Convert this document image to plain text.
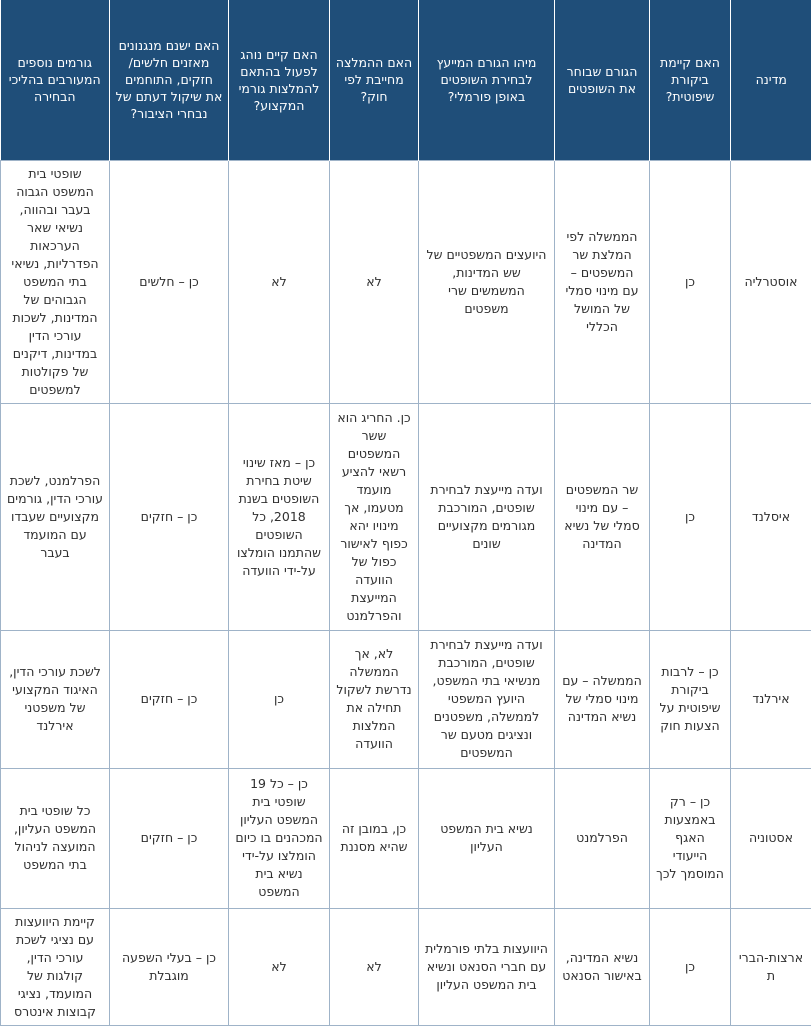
מדינה	האם קיימת ביקורת שיפוטית?	הגורם שבוחר את השופטים	מיהו הגורם המייעץ לבחירת השופטים באופן פורמלי?	האם ההמלצה מחייבת לפי חוק?	האם קיים נוהג לפעול בהתאם להמלצות גורמי המקצוע?	האם ישנם מנגנונים מאזנים חלשים/ חזקים, התוחמים את שיקול דעתם של נבחרי הציבור?	גורמים נוספים המעורבים בהליכי הבחירה
אוסטרליה	כן	הממשלה לפי המלצת שר המשפטים – עם מינוי סמלי של המושל הכללי	היועצים המשפטיים של שש המדינות, המשמשים שרי משפטים	לא	לא	כן – חלשים	שופטי בית המשפט הגבוה בעבר ובהווה, נשיאי שאר הערכאות הפדרליות, נשיאי בתי המשפט הגבוהים של המדינות, לשכות עורכי הדין במדינות, דיקנים של פקולטות למשפטים
איסלנד	כן	שר המשפטים – עם מינוי סמלי של נשיא המדינה	ועדה מייעצת לבחירת שופטים, המורכבת מגורמים מקצועיים שונים	כן. החריג הוא ששר המשפטים רשאי להציע מועמד מטעמו, אך מינויו יהא כפוף לאישור כפול של הוועדה המייעצת והפרלמנט	כן – מאז שינוי שיטת בחירת השופטים בשנת 2018, כל השופטים שהתמנו הומלצו על-ידי הוועדה	כן – חזקים	הפרלמנט, לשכת עורכי הדין, גורמים מקצועיים שעבדו עם המועמד בעבר
אירלנד	כן – לרבות ביקורת שיפוטית על הצעות חוק	הממשלה – עם מינוי סמלי של נשיא המדינה	ועדה מייעצת לבחירת שופטים, המורכבת מנשיאי בתי המשפט, היועץ המשפטי לממשלה, משפטנים ונציגים מטעם שר המשפטים	לא, אך הממשלה נדרשת לשקול תחילה את המלצות הוועדה	כן	כן – חזקים	לשכת עורכי הדין, האיגוד המקצועי של משפטני אירלנד
אסטוניה	כן – רק באמצעות האגף הייעודי המוסמך לכך	הפרלמנט	נשיא בית המשפט העליון	כן, במובן זה שהיא מסננת	כן – כל 19 שופטי בית המשפט העליון המכהנים בו כיום הומלצו על-ידי נשיא בית המשפט	כן – חזקים	כל שופטי בית המשפט העליון, המועצה לניהול בתי המשפט
ארצות-הברית	כן	נשיא המדינה, באישור הסנאט	היוועצות בלתי פורמלית עם חברי הסנאט ונשיא בית המשפט העליון	לא	לא	כן – בעלי השפעה מוגבלת	קיימת היוועצות עם נציגי לשכת עורכי הדין, קולגות של המועמד, נציגי קבוצות אינטרס
